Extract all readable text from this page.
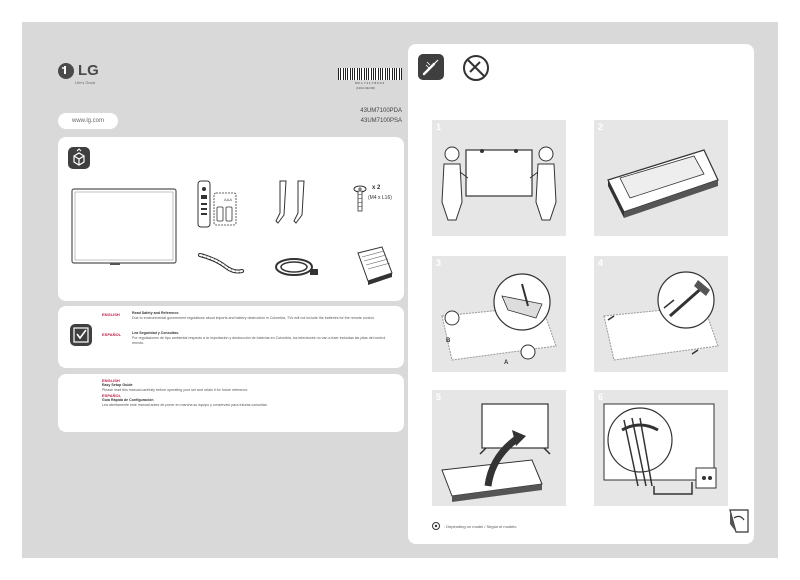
LG
Life's Good	MFL71178604
(1902-REV00)
43UM7100PDA
43UM7100PSA
www.lg.com
AAA
x 2
(M4 x L16)
ENGLISH	Read Safety and Reference.
Due to environmental government regulations about imports and battery destruction in Colombia, TVs will not include the batteries for the remote control.
ESPAÑOL	Lea Seguridad y Consultas.
Por regulaciones de tipo ambiental respecto a la importación y destrucción de baterías en Colombia, los televisores no van a traer incluidas las pilas del control remoto.
ENGLISH
Easy Setup Guide
Please read this manual carefully before operating your set and retain it for future reference.
ESPAÑOL
Guía Rápida de Configuración
Lea atentamente este manual antes de poner en marcha su equipo y consérvelo para futuras consultas.
1	2
3
B
A
4
5	6
: Depending on model / Según el modelo
